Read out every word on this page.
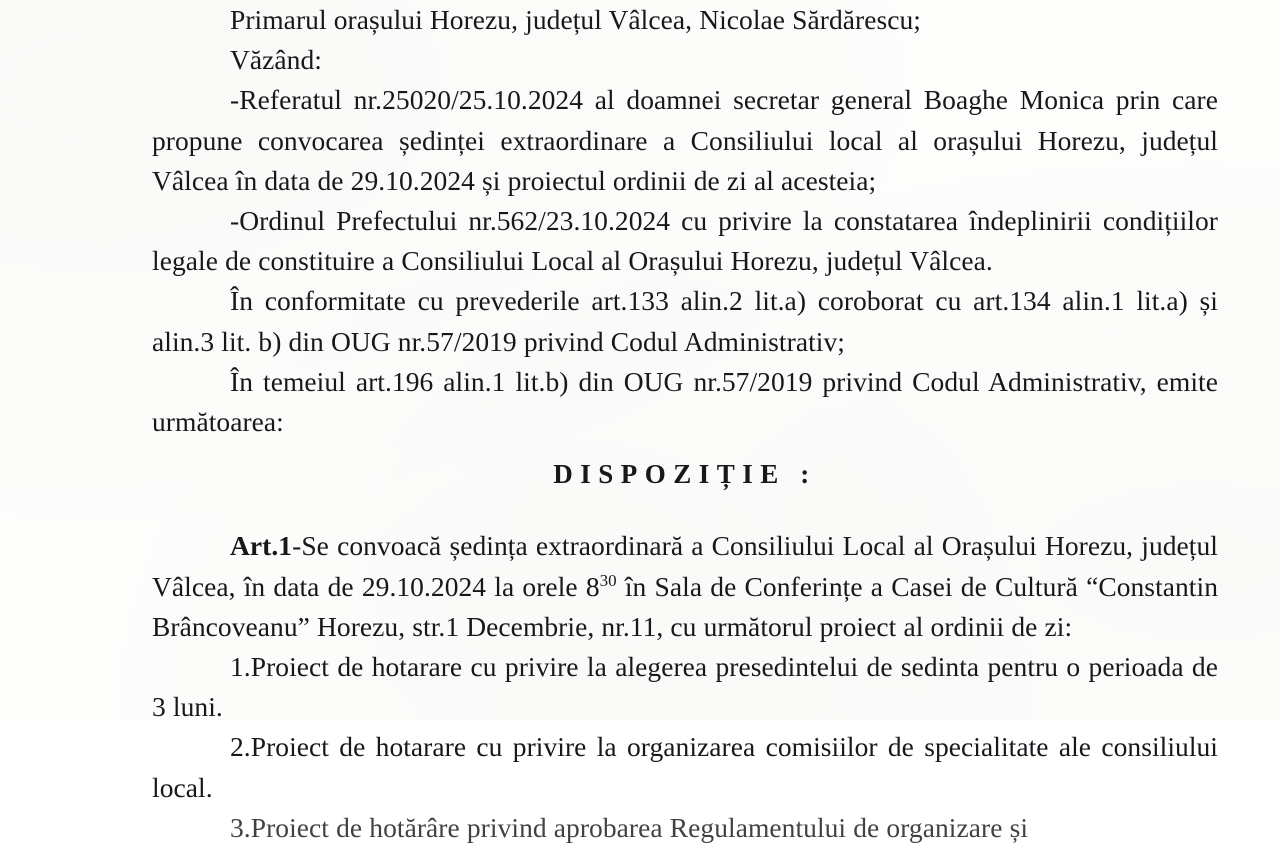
Primarul orașului Horezu, județul Vâlcea, Nicolae Sărdărescu;

Văzând:

-Referatul nr.25020/25.10.2024 al doamnei secretar general Boaghe Monica prin care propune convocarea ședinței extraordinare a Consiliului local al orașului Horezu, județul Vâlcea în data de 29.10.2024 și proiectul ordinii de zi al acesteia;

-Ordinul Prefectului nr.562/23.10.2024 cu privire la constatarea îndeplinirii condițiilor legale de constituire a Consiliului Local al Orașului Horezu, județul Vâlcea.

În conformitate cu prevederile art.133 alin.2 lit.a) coroborat cu art.134 alin.1 lit.a) și alin.3 lit. b) din OUG nr.57/2019 privind Codul Administrativ;

În temeiul art.196 alin.1 lit.b) din OUG nr.57/2019 privind Codul Administrativ, emite următoarea:

DISPOZIȚIE :

Art.1-Se convoacă ședința extraordinară a Consiliului Local al Orașului Horezu, județul Vâlcea, în data de 29.10.2024 la orele $8^{30}$ în Sala de Conferințe a Casei de Cultură “Constantin Brâncoveanu” Horezu, str.1 Decembrie, nr.11, cu următorul proiect al ordinii de zi:

1.Proiect de hotarare cu privire la alegerea presedintelui de sedinta pentru o perioada de 3 luni.

2.Proiect de hotarare cu privire la organizarea comisiilor de specialitate ale consiliului local.

3.Proiect de hotărâre privind aprobarea Regulamentului de organizare și
